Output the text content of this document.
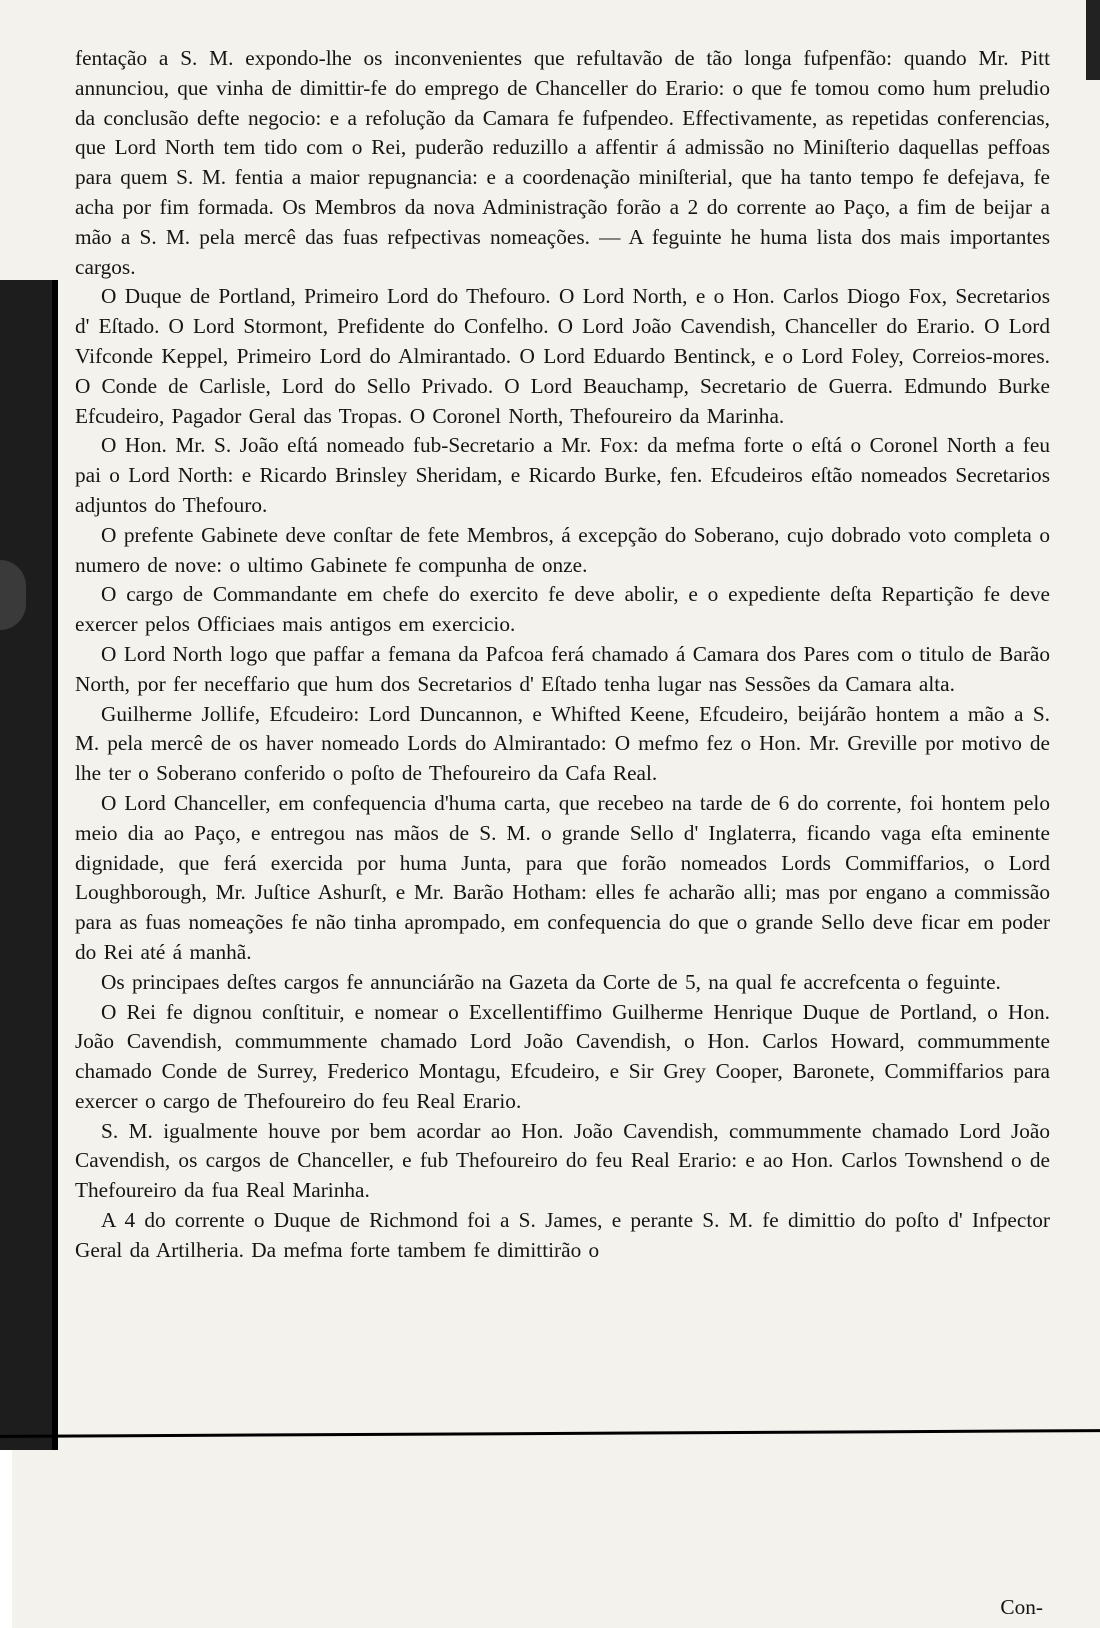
fentação a S. M. expondo-lhe os inconvenientes que refultavão de tão longa fufpenfão: quando Mr. Pitt annunciou, que vinha de dimittir-fe do emprego de Chanceller do Erario: o que fe tomou como hum preludio da conclusão defte negocio: e a refolução da Camara fe fufpendeo. Effectivamente, as repetidas conferencias, que Lord North tem tido com o Rei, puderão reduzillo a affentir á admissão no Miniſterio daquellas peffoas para quem S. M. fentia a maior repugnancia: e a coordenação miniſterial, que ha tanto tempo fe defejava, fe acha por fim formada. Os Membros da nova Administração forão a 2 do corrente ao Paço, a fim de beijar a mão a S. M. pela mercê das fuas refpectivas nomeações. — A feguinte he huma lista dos mais importantes cargos.

O Duque de Portland, Primeiro Lord do Thefouro. O Lord North, e o Hon. Carlos Diogo Fox, Secretarios d' Eſtado. O Lord Stormont, Prefidente do Confelho. O Lord João Cavendish, Chanceller do Erario. O Lord Vifconde Keppel, Primeiro Lord do Almirantado. O Lord Eduardo Bentinck, e o Lord Foley, Correios-mores. O Conde de Carlisle, Lord do Sello Privado. O Lord Beauchamp, Secretario de Guerra. Edmundo Burke Efcudeiro, Pagador Geral das Tropas. O Coronel North, Thefoureiro da Marinha.

O Hon. Mr. S. João eſtá nomeado fub-Secretario a Mr. Fox: da mefma forte o eſtá o Coronel North a feu pai o Lord North: e Ricardo Brinsley Sheridam, e Ricardo Burke, fen. Efcudeiros eſtão nomeados Secretarios adjuntos do Thefouro.

O prefente Gabinete deve conſtar de fete Membros, á excepção do Soberano, cujo dobrado voto completa o numero de nove: o ultimo Gabinete fe compunha de onze.

O cargo de Commandante em chefe do exercito fe deve abolir, e o expediente deſta Repartição fe deve exercer pelos Officiaes mais antigos em exercicio.

O Lord North logo que paffar a femana da Pafcoa ferá chamado á Camara dos Pares com o titulo de Barão North, por fer neceffario que hum dos Secretarios d' Eſtado tenha lugar nas Sessões da Camara alta.

Guilherme Jollife, Efcudeiro: Lord Duncannon, e Whifted Keene, Efcudeiro, beijárão hontem a mão a S. M. pela mercê de os haver nomeado Lords do Almirantado: O mefmo fez o Hon. Mr. Greville por motivo de lhe ter o Soberano conferido o poſto de Thefoureiro da Cafa Real.

O Lord Chanceller, em confequencia d'huma carta, que recebeo na tarde de 6 do corrente, foi hontem pelo meio dia ao Paço, e entregou nas mãos de S. M. o grande Sello d' Inglaterra, ficando vaga eſta eminente dignidade, que ferá exercida por huma Junta, para que forão nomeados Lords Commiffarios, o Lord Loughborough, Mr. Juſtice Ashurſt, e Mr. Barão Hotham: elles fe acharão alli; mas por engano a commissão para as fuas nomeações fe não tinha aprompado, em confequencia do que o grande Sello deve ficar em poder do Rei até á manhã.

Os principaes deſtes cargos fe annunciárão na Gazeta da Corte de 5, na qual fe accrefcenta o feguinte.

O Rei fe dignou conſtituir, e nomear o Excellentiffimo Guilherme Henrique Duque de Portland, o Hon. João Cavendish, commummente chamado Lord João Cavendish, o Hon. Carlos Howard, commummente chamado Conde de Surrey, Frederico Montagu, Efcudeiro, e Sir Grey Cooper, Baronete, Commiffarios para exercer o cargo de Thefoureiro do feu Real Erario.

S. M. igualmente houve por bem acordar ao Hon. João Cavendish, commummente chamado Lord João Cavendish, os cargos de Chanceller, e fub Thefoureiro do feu Real Erario: e ao Hon. Carlos Townshend o de Thefoureiro da fua Real Marinha.

A 4 do corrente o Duque de Richmond foi a S. James, e perante S. M. fe dimittio do poſto d' Infpector Geral da Artilheria. Da mefma forte tambem fe dimittirão o

Con-
